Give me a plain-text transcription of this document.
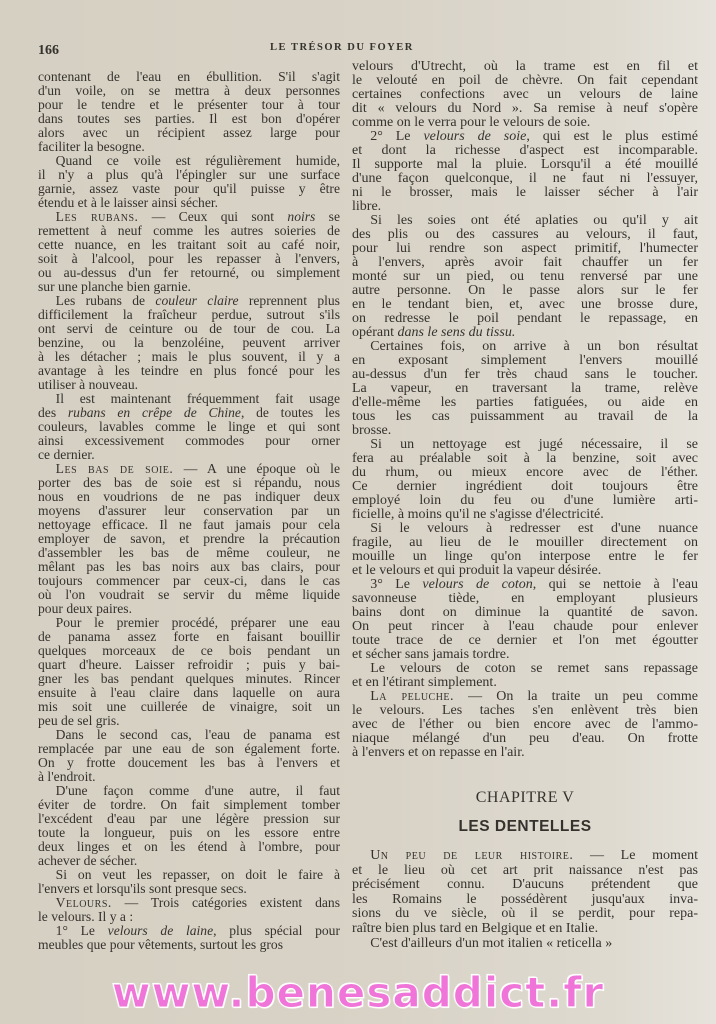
166	LE TRÉSOR DU FOYER
contenant de l'eau en ébullition. S'il s'agit
d'un voile, on se mettra à deux personnes
pour le tendre et le présenter tour à tour
dans toutes ses parties. Il est bon d'opérer
alors avec un récipient assez large pour
faciliter la besogne.
Quand ce voile est régulièrement humide,
il n'y a plus qu'à l'épingler sur une surface
garnie, assez vaste pour qu'il puisse y être
étendu et à le laisser ainsi sécher.
Les rubans. — Ceux qui sont noirs se
remettent à neuf comme les autres soieries de
cette nuance, en les traitant soit au café noir,
soit à l'alcool, pour les repasser à l'envers,
ou au-dessus d'un fer retourné, ou simplement
sur une planche bien garnie.
Les rubans de couleur claire reprennent plus
difficilement la fraîcheur perdue, sutrout s'ils
ont servi de ceinture ou de tour de cou. La
benzine, ou la benzoléine, peuvent arriver
à les détacher ; mais le plus souvent, il y a
avantage à les teindre en plus foncé pour les
utiliser à nouveau.
Il est maintenant fréquemment fait usage
des rubans en crêpe de Chine, de toutes les
couleurs, lavables comme le linge et qui sont
ainsi excessivement commodes pour orner
ce dernier.
Les bas de soie. — A une époque où le
porter des bas de soie est si répandu, nous
nous en voudrions de ne pas indiquer deux
moyens d'assurer leur conservation par un
nettoyage efficace. Il ne faut jamais pour cela
employer de savon, et prendre la précaution
d'assembler les bas de même couleur, ne
mêlant pas les bas noirs aux bas clairs, pour
toujours commencer par ceux-ci, dans le cas
où l'on voudrait se servir du même liquide
pour deux paires.
Pour le premier procédé, préparer une eau
de panama assez forte en faisant bouillir
quelques morceaux de ce bois pendant un
quart d'heure. Laisser refroidir ; puis y bai-
gner les bas pendant quelques minutes. Rincer
ensuite à l'eau claire dans laquelle on aura
mis soit une cuillerée de vinaigre, soit un
peu de sel gris.
Dans le second cas, l'eau de panama est
remplacée par une eau de son également forte.
On y frotte doucement les bas à l'envers et
à l'endroit.
D'une façon comme d'une autre, il faut
éviter de tordre. On fait simplement tomber
l'excédent d'eau par une légère pression sur
toute la longueur, puis on les essore entre
deux linges et on les étend à l'ombre, pour
achever de sécher.
Si on veut les repasser, on doit le faire à
l'envers et lorsqu'ils sont presque secs.
Velours. — Trois catégories existent dans
le velours. Il y a :
1° Le velours de laine, plus spécial pour
meubles que pour vêtements, surtout les gros
velours d'Utrecht, où la trame est en fil et
le velouté en poil de chèvre. On fait cependant
certaines confections avec un velours de laine
dit « velours du Nord ». Sa remise à neuf s'opère
comme on le verra pour le velours de soie.
2° Le velours de soie, qui est le plus estimé
et dont la richesse d'aspect est incomparable.
Il supporte mal la pluie. Lorsqu'il a été mouillé
d'une façon quelconque, il ne faut ni l'essuyer,
ni le brosser, mais le laisser sécher à l'air
libre.
Si les soies ont été aplaties ou qu'il y ait
des plis ou des cassures au velours, il faut,
pour lui rendre son aspect primitif, l'humecter
à l'envers, après avoir fait chauffer un fer
monté sur un pied, ou tenu renversé par une
autre personne. On le passe alors sur le fer
en le tendant bien, et, avec une brosse dure,
on redresse le poil pendant le repassage, en
opérant dans le sens du tissu.
Certaines fois, on arrive à un bon résultat
en exposant simplement l'envers mouillé
au-dessus d'un fer très chaud sans le toucher.
La vapeur, en traversant la trame, relève
d'elle-même les parties fatiguées, ou aide en
tous les cas puissamment au travail de la
brosse.
Si un nettoyage est jugé nécessaire, il se
fera au préalable soit à la benzine, soit avec
du rhum, ou mieux encore avec de l'éther.
Ce dernier ingrédient doit toujours être
employé loin du feu ou d'une lumière arti-
ficielle, à moins qu'il ne s'agisse d'électricité.
Si le velours à redresser est d'une nuance
fragile, au lieu de le mouiller directement on
mouille un linge qu'on interpose entre le fer
et le velours et qui produit la vapeur désirée.
3° Le velours de coton, qui se nettoie à l'eau
savonneuse tiède, en employant plusieurs
bains dont on diminue la quantité de savon.
On peut rincer à l'eau chaude pour enlever
toute trace de ce dernier et l'on met égoutter
et sécher sans jamais tordre.
Le velours de coton se remet sans repassage
et en l'étirant simplement.
La peluche. — On la traite un peu comme
le velours. Les taches s'en enlèvent très bien
avec de l'éther ou bien encore avec de l'ammo-
niaque mélangé d'un peu d'eau. On frotte
à l'envers et on repasse en l'air.
CHAPITRE V
LES DENTELLES
Un peu de leur histoire. — Le moment
et le lieu où cet art prit naissance n'est pas
précisément connu. D'aucuns prétendent que
les Romains le possédèrent jusqu'aux inva-
sions du ve siècle, où il se perdit, pour repa-
raître bien plus tard en Belgique et en Italie.
C'est d'ailleurs d'un mot italien « reticella »
www.benesaddict.fr
